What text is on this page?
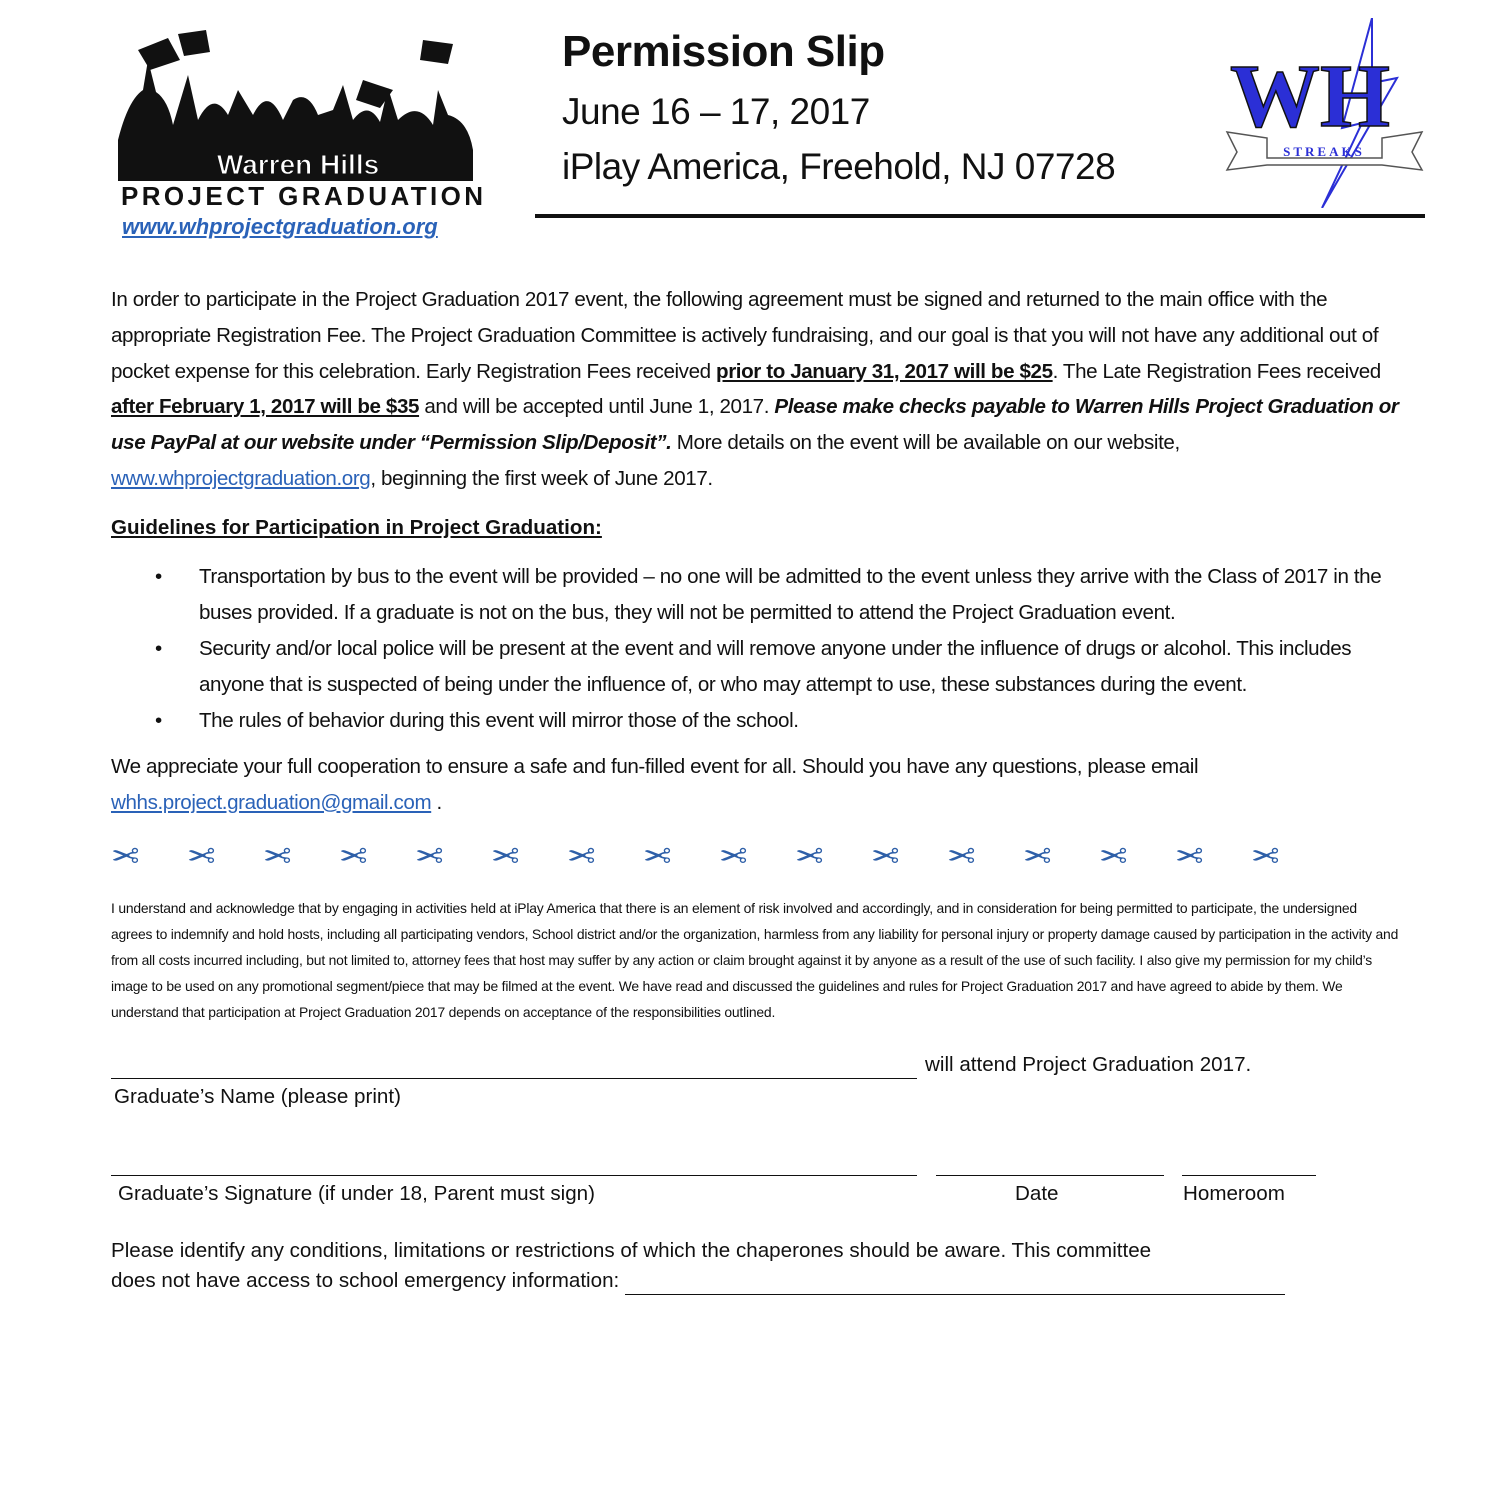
Warren Hills
PROJECT GRADUATION
www.whprojectgraduation.org
Permission Slip
June 16 – 17, 2017
iPlay America, Freehold, NJ 07728
WH
STREAKS

In order to participate in the Project Graduation 2017 event, the following agreement must be signed and returned to the main office with the appropriate Registration Fee. The Project Graduation Committee is actively fundraising, and our goal is that you will not have any additional out of pocket expense for this celebration. Early Registration Fees received prior to January 31, 2017 will be $25. The Late Registration Fees received after February 1, 2017 will be $35 and will be accepted until June 1, 2017. Please make checks payable to Warren Hills Project Graduation or use PayPal at our website under “Permission Slip/Deposit”. More details on the event will be available on our website, www.whprojectgraduation.org, beginning the first week of June 2017.

Guidelines for Participation in Project Graduation:
• Transportation by bus to the event will be provided – no one will be admitted to the event unless they arrive with the Class of 2017 in the buses provided. If a graduate is not on the bus, they will not be permitted to attend the Project Graduation event.
• Security and/or local police will be present at the event and will remove anyone under the influence of drugs or alcohol. This includes anyone that is suspected of being under the influence of, or who may attempt to use, these substances during the event.
• The rules of behavior during this event will mirror those of the school.

We appreciate your full cooperation to ensure a safe and fun-filled event for all. Should you have any questions, please email whhs.project.graduation@gmail.com .

✂ ✂ ✂ ✂ ✂ ✂ ✂ ✂ ✂ ✂ ✂ ✂ ✂ ✂ ✂ ✂
I understand and acknowledge that by engaging in activities held at iPlay America that there is an element of risk involved and accordingly, and in consideration for being permitted to participate, the undersigned agrees to indemnify and hold hosts, including all participating vendors, School district and/or the organization, harmless from any liability for personal injury or property damage caused by participation in the activity and from all costs incurred including, but not limited to, attorney fees that host may suffer by any action or claim brought against it by anyone as a result of the use of such facility. I also give my permission for my child’s image to be used on any promotional segment/piece that may be filmed at the event. We have read and discussed the guidelines and rules for Project Graduation 2017 and have agreed to abide by them. We understand that participation at Project Graduation 2017 depends on acceptance of the responsibilities outlined.
will attend Project Graduation 2017.
Graduate’s Name (please print)
Graduate’s Signature (if under 18, Parent must sign)	Date	Homeroom
Please identify any conditions, limitations or restrictions of which the chaperones should be aware. This committee
does not have access to school emergency information:
